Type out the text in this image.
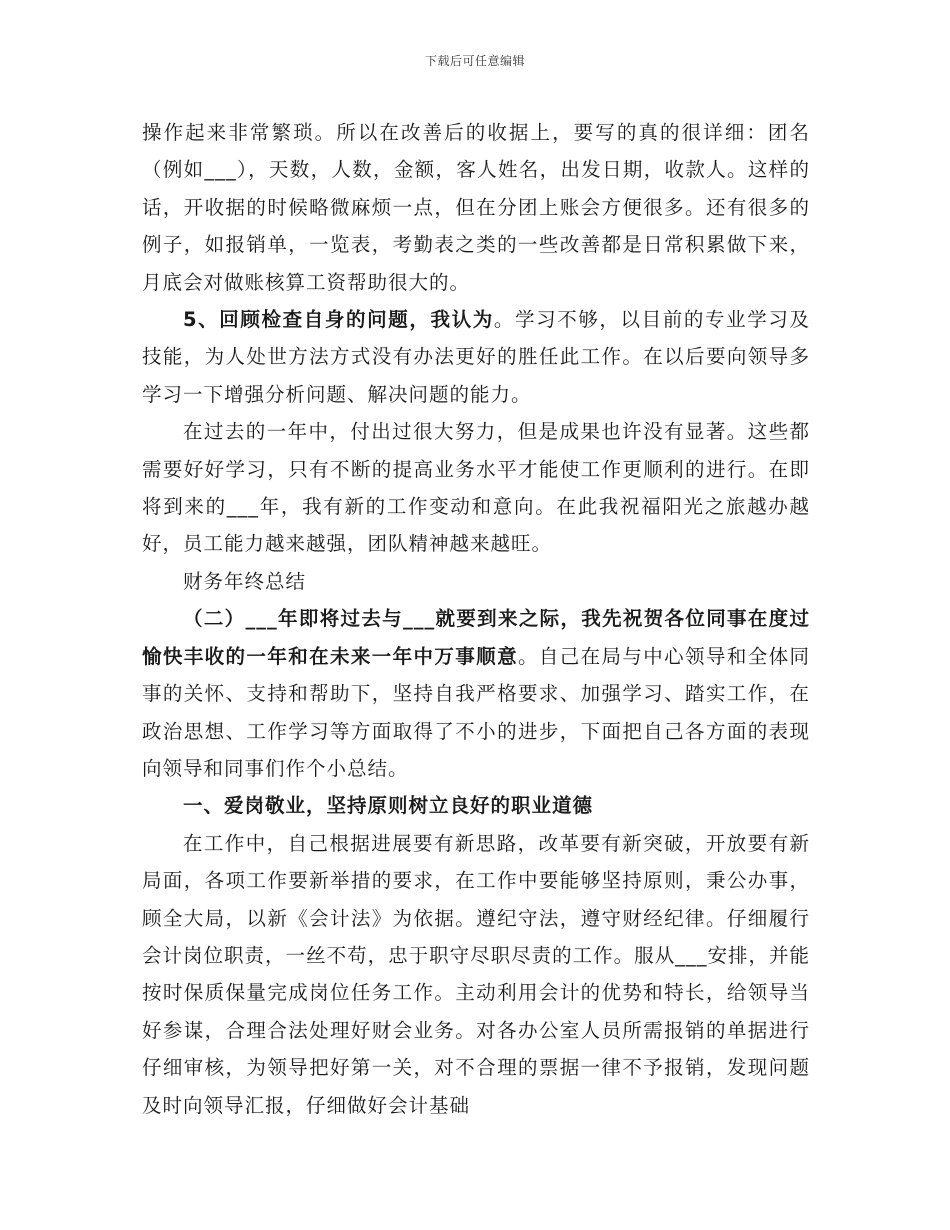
下载后可任意编辑

操作起来非常繁琐。所以在改善后的收据上，要写的真的很详细：团名（例如___），天数，人数，金额，客人姓名，出发日期，收款人。这样的话，开收据的时候略微麻烦一点，但在分团上账会方便很多。还有很多的例子，如报销单，一览表，考勤表之类的一些改善都是日常积累做下来，月底会对做账核算工资帮助很大的。

5、回顾检查自身的问题，我认为。学习不够，以目前的专业学习及技能，为人处世方法方式没有办法更好的胜任此工作。在以后要向领导多学习一下增强分析问题、解决问题的能力。

在过去的一年中，付出过很大努力，但是成果也许没有显著。这些都需要好好学习，只有不断的提高业务水平才能使工作更顺利的进行。在即将到来的___年，我有新的工作变动和意向。在此我祝福阳光之旅越办越好，员工能力越来越强，团队精神越来越旺。

财务年终总结

（二）___年即将过去与___就要到来之际，我先祝贺各位同事在度过愉快丰收的一年和在未来一年中万事顺意。自己在局与中心领导和全体同事的关怀、支持和帮助下，坚持自我严格要求、加强学习、踏实工作，在政治思想、工作学习等方面取得了不小的进步，下面把自己各方面的表现向领导和同事们作个小总结。

一、爱岗敬业，坚持原则树立良好的职业道德

在工作中，自己根据进展要有新思路，改革要有新突破，开放要有新局面，各项工作要新举措的要求，在工作中要能够坚持原则，秉公办事，顾全大局，以新《会计法》为依据。遵纪守法，遵守财经纪律。仔细履行会计岗位职责，一丝不苟，忠于职守尽职尽责的工作。服从___安排，并能按时保质保量完成岗位任务工作。主动利用会计的优势和特长，给领导当好参谋，合理合法处理好财会业务。对各办公室人员所需报销的单据进行仔细审核，为领导把好第一关，对不合理的票据一律不予报销，发现问题及时向领导汇报，仔细做好会计基础
